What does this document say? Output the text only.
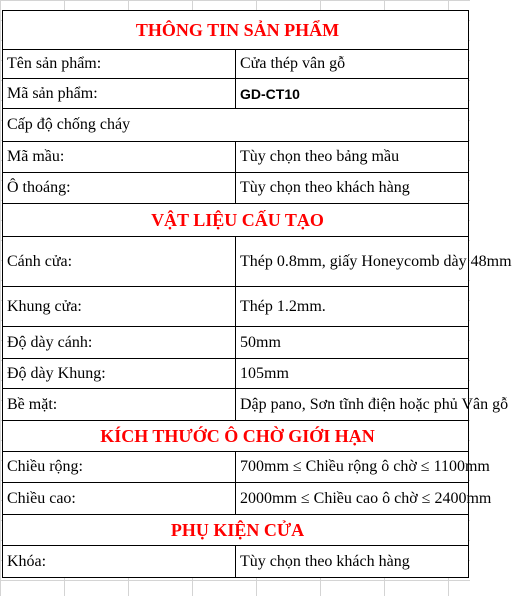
THÔNG TIN SẢN PHẨM	
Tên sản phẩm:	Cửa thép vân gỗ
Mã sản phẩm:	GD-CT10
Cấp độ chống cháy	
Mã mầu:	Tùy chọn theo bảng mầu
Ô thoáng:	Tùy chọn theo khách hàng
VẬT LIỆU CẤU TẠO	
Cánh cửa:	Thép 0.8mm, giấy Honeycomb dày 48mm
Khung cửa:	Thép 1.2mm.
Độ dày cánh:	50mm
Độ dày Khung:	105mm
Bề mặt:	Dập pano, Sơn tĩnh điện hoặc phủ Vân gỗ
KÍCH THƯỚC Ô CHỜ GIỚI HẠN	
Chiều rộng:	700mm ≤ Chiều rộng ô chờ ≤ 1100mm
Chiều cao:	2000mm ≤ Chiều cao ô chờ ≤ 2400mm
PHỤ KIỆN CỬA	
Khóa:	Tùy chọn theo khách hàng
